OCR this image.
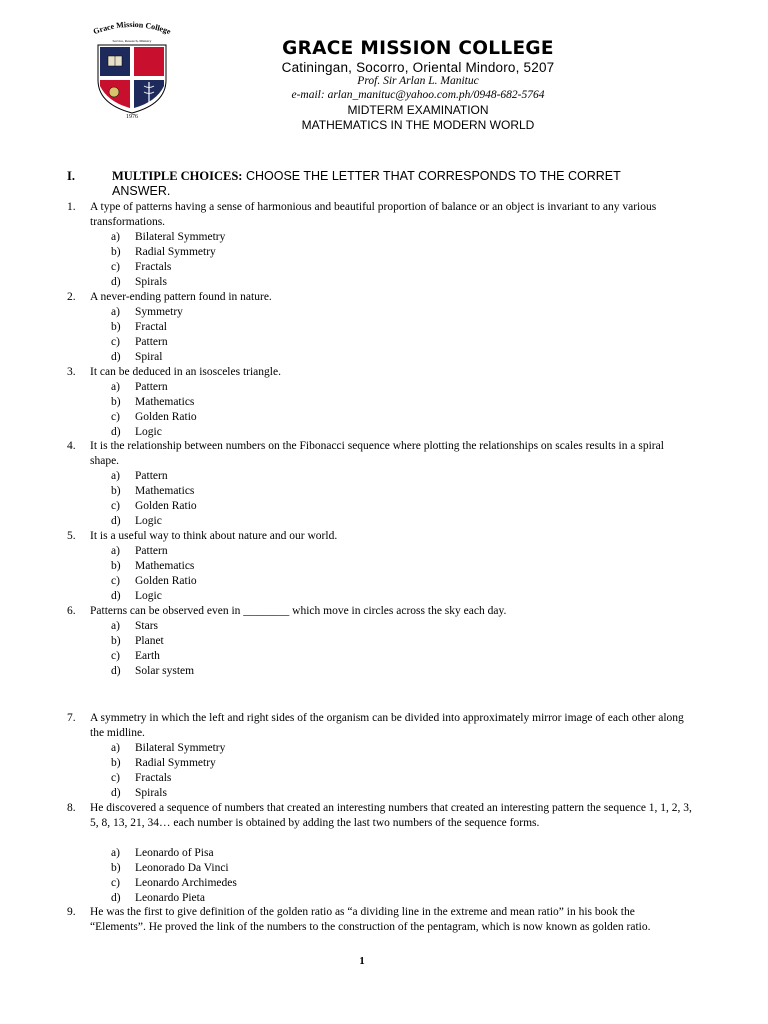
Grace Mission College
Service, Research, Ministry
1976
GRACE MISSION COLLEGE
Catiningan, Socorro, Oriental Mindoro, 5207
Prof. Sir Arlan L. Manituc
e-mail: arlan_manituc@yahoo.com.ph/0948-682-5764
MIDTERM EXAMINATION
MATHEMATICS IN THE MODERN WORLD
I.	MULTIPLE CHOICES: CHOOSE THE LETTER THAT CORRESPONDS TO THE CORRET ANSWER.
1. A type of patterns having a sense of harmonious and beautiful proportion of balance or an object is invariant to any various transformations.
a) Bilateral Symmetry
b) Radial Symmetry
c) Fractals
d) Spirals
2. A never-ending pattern found in nature.
a) Symmetry
b) Fractal
c) Pattern
d) Spiral
3. It can be deduced in an isosceles triangle.
a) Pattern
b) Mathematics
c) Golden Ratio
d) Logic
4. It is the relationship between numbers on the Fibonacci sequence where plotting the relationships on scales results in a spiral shape.
a) Pattern
b) Mathematics
c) Golden Ratio
d) Logic
5. It is a useful way to think about nature and our world.
a) Pattern
b) Mathematics
c) Golden Ratio
d) Logic
6. Patterns can be observed even in ________ which move in circles across the sky each day.
a) Stars
b) Planet
c) Earth
d) Solar system
7. A symmetry in which the left and right sides of the organism can be divided into approximately mirror image of each other along the midline.
a) Bilateral Symmetry
b) Radial Symmetry
c) Fractals
d) Spirals
8. He discovered a sequence of numbers that created an interesting numbers that created an interesting pattern the sequence 1, 1, 2, 3, 5, 8, 13, 21, 34… each number is obtained by adding the last two numbers of the sequence forms.
a) Leonardo of Pisa
b) Leonorado Da Vinci
c) Leonardo Archimedes
d) Leonardo Pieta
9. He was the first to give definition of the golden ratio as “a dividing line in the extreme and mean ratio” in his book the “Elements”. He proved the link of the numbers to the construction of the pentagram, which is now known as golden ratio.
1
